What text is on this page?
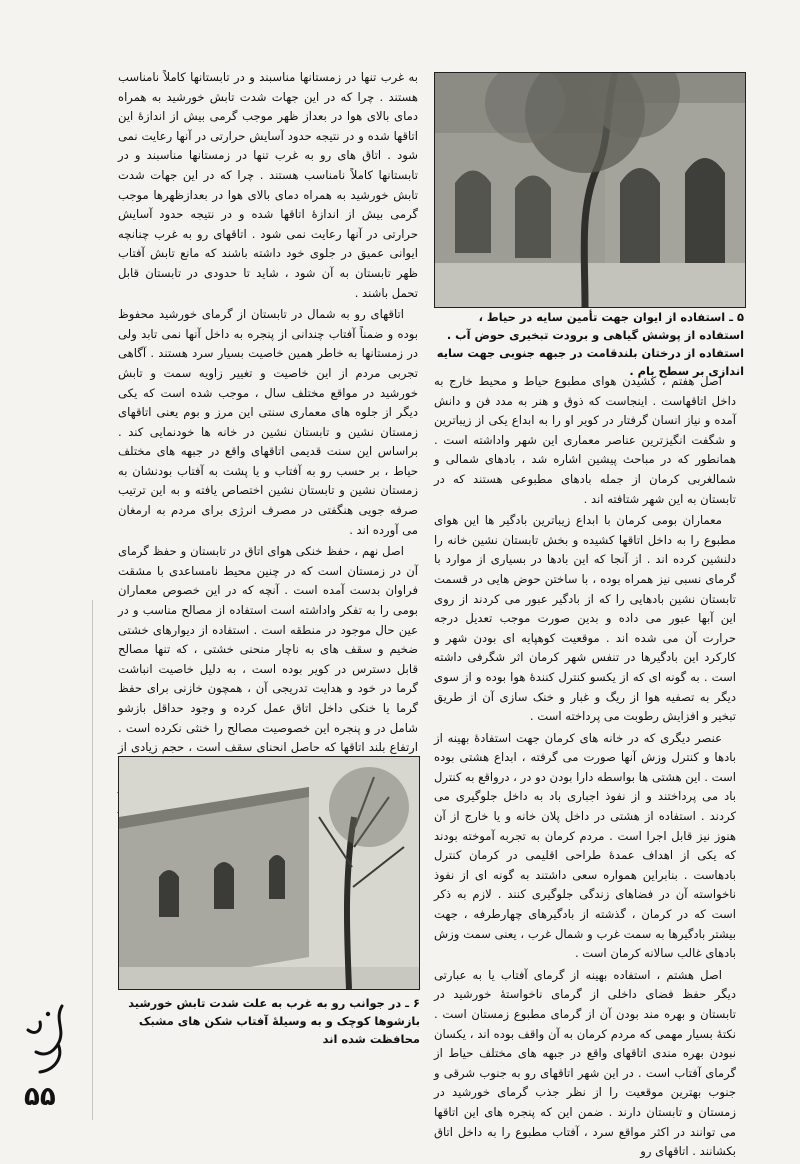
به غرب تنها در زمستانها مناسبند و در تابستانها کاملاً نامناسب هستند . چرا که در این جهات شدت تابش خورشید به همراه دمای بالای هوا در بعداز ظهر موجب گرمی بیش از اندازهٔ این اتاقها شده و در نتیجه حدود آسایش حرارتی در آنها رعایت نمی شود . اتاق های رو به غرب تنها در زمستانها مناسبند و در تابستانها کاملاً نامناسب هستند . چرا که در این جهات شدت تابش خورشید به همراه دمای بالای هوا در بعدازظهرها موجب گرمی بیش از اندازهٔ اتاقها شده و در نتیجه حدود آسایش حرارتی در آنها رعایت نمی شود . اتاقهای رو به غرب چنانچه ایوانی عمیق در جلوی خود داشته باشند که مانع تابش آفتاب ظهر تابستان به آن شود ، شاید تا حدودی در تابستان قابل تحمل باشند .

اتاقهای رو به شمال در تابستان از گرمای خورشید محفوظ بوده و ضمناً آفتاب چندانی از پنجره به داخل آنها نمی تابد ولی در زمستانها به خاطر همین خاصیت بسیار سرد هستند . آگاهی تجربی مردم از این خاصیت و تغییر زاویه سمت و تابش خورشید در مواقع مختلف سال ، موجب شده است که یکی دیگر از جلوه های معماری سنتی این مرز و بوم یعنی اتاقهای زمستان نشین و تابستان نشین در خانه ها خودنمایی کند . براساس این سنت قدیمی اتاقهای واقع در جبهه های مختلف حیاط ، بر حسب رو به آفتاب و یا پشت به آفتاب بودنشان به زمستان نشین و تابستان نشین اختصاص یافته و به این ترتیب صرفه جویی هنگفتی در مصرف انرژی برای مردم به ارمغان می آورده اند .

اصل نهم ، حفظ خنکی هوای اتاق در تابستان و حفظ گرمای آن در زمستان است که در چنین محیط نامساعدی با مشقت فراوان بدست آمده است . آنچه که در این خصوص معماران بومی را به تفکر واداشته است استفاده از مصالح مناسب و در عین حال موجود در منطقه است . استفاده از دیوارهای خشتی ضخیم و سقف های به ناچار منحنی خشتی ، که تنها مصالح قابل دسترس در کویر بوده است ، به دلیل خاصیت انباشت گرما در خود و هدایت تدریجی آن ، همچون خازنی برای حفظ گرما یا خنکی داخل اتاق عمل کرده و وجود حداقل بازشو شامل در و پنجره این خصوصیت مصالح را خنثی نکرده است . ارتفاع بلند اتاقها که حاصل انحنای سقف است ، حجم زیادی از

۵ ـ استفاده از ایوان جهت تأمین سایه در حیاط ، استفاده از پوشش گیاهی و برودت تبخیری حوض آب . استفاده از درختان بلندقامت در جبهه جنوبی جهت سایه اندازی بر سطح بام .

اصل هفتم ، کشیدن هوای مطبوع حیاط و محیط خارج به داخل اتاقهاست . اینجاست که ذوق و هنر به مدد فن و دانش آمده و نیاز انسان گرفتار در کویر او را به ابداع یکی از زیباترین و شگفت انگیزترین عناصر معماری این شهر واداشته است . همانطور که در مباحث پیشین اشاره شد ، بادهای شمالی و شمالغربی کرمان از جمله بادهای مطبوعی هستند که در تابستان به این شهر شتافته اند .

معماران بومی کرمان با ابداع زیباترین بادگیر ها این هوای مطبوع را به داخل اتاقها کشیده و بخش تابستان نشین خانه را دلنشین کرده اند . از آنجا که این بادها در بسیاری از موارد با گرمای نسبی نیز همراه بوده ، با ساختن حوض هایی در قسمت تابستان نشین بادهایی را که از بادگیر عبور می کردند از روی این آبها عبور می داده و بدین صورت موجب تعدیل درجه حرارت آن می شده اند . موقعیت کوهپایه ای بودن شهر و کارکرد این بادگیرها در تنفس شهر کرمان اثر شگرفی داشته است . به گونه ای که از یکسو کنترل کنندهٔ هوا بوده و از سوی دیگر به تصفیه هوا از ریگ و غبار و خنک سازی آن از طریق تبخیر و افزایش رطوبت می پرداخته است .

عنصر دیگری که در خانه های کرمان جهت استفادهٔ بهینه از بادها و کنترل وزش آنها صورت می گرفته ، ابداع هشتی بوده است . این هشتی ها بواسطه دارا بودن دو در ، درواقع به کنترل باد می پرداختند و از نفوذ اجباری باد به داخل جلوگیری می کردند . استفاده از هشتی در داخل پلان خانه و یا خارج از آن هنوز نیز قابل اجرا است . مردم کرمان به تجربه آموخته بودند که یکی از اهداف عمدهٔ طراحی اقلیمی در کرمان کنترل بادهاست . بنابراین همواره سعی داشتند به گونه ای از نفوذ ناخواسته آن در فضاهای زندگی جلوگیری کنند . لازم به ذکر است که در کرمان ، گذشته از بادگیرهای چهارطرفه ، جهت بیشتر بادگیرها به سمت غرب و شمال غرب ، یعنی سمت وزش بادهای غالب سالانه کرمان است .

اصل هشتم ، استفاده بهینه از گرمای آفتاب یا به عبارتی دیگر حفظ فضای داخلی از گرمای ناخواستهٔ خورشید در تابستان و بهره مند بودن آن از گرمای مطبوع زمستان است . نکتهٔ بسیار مهمی که مردم کرمان به آن واقف بوده اند ، یکسان نبودن بهره مندی اتاقهای واقع در جبهه های مختلف حیاط از گرمای آفتاب است . در این شهر اتاقهای رو به جنوب شرقی و جنوب بهترین موقعیت را از نظر جذب گرمای خورشید در زمستان و تابستان دارند . ضمن این که پنجره های این اتاقها می توانند در اکثر مواقع سرد ، آفتاب مطبوع را به داخل اتاق بکشانند . اتاقهای رو

۶ ـ در جوانب رو به غرب به علت شدت تابش خورشید بازشوها کوچک و به وسیلهٔ آفتاب شکن های مشبک محافظت شده اند
۵۵
